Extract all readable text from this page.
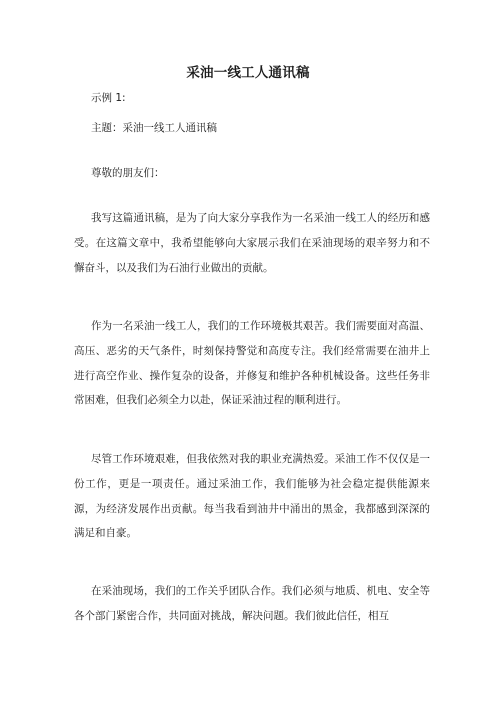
采油一线工人通讯稿
示例 1:
主题：采油一线工人通讯稿
尊敬的朋友们：

我写这篇通讯稿，是为了向大家分享我作为一名采油一线工人的经历和感受。在这篇文章中，我希望能够向大家展示我们在采油现场的艰辛努力和不懈奋斗，以及我们为石油行业做出的贡献。

作为一名采油一线工人，我们的工作环境极其艰苦。我们需要面对高温、高压、恶劣的天气条件，时刻保持警觉和高度专注。我们经常需要在油井上进行高空作业、操作复杂的设备，并修复和维护各种机械设备。这些任务非常困难，但我们必须全力以赴，保证采油过程的顺利进行。

尽管工作环境艰难，但我依然对我的职业充满热爱。采油工作不仅仅是一份工作，更是一项责任。通过采油工作，我们能够为社会稳定提供能源来源，为经济发展作出贡献。每当我看到油井中涌出的黑金，我都感到深深的满足和自豪。

在采油现场，我们的工作关乎团队合作。我们必须与地质、机电、安全等各个部门紧密合作，共同面对挑战，解决问题。我们彼此信任，相互
